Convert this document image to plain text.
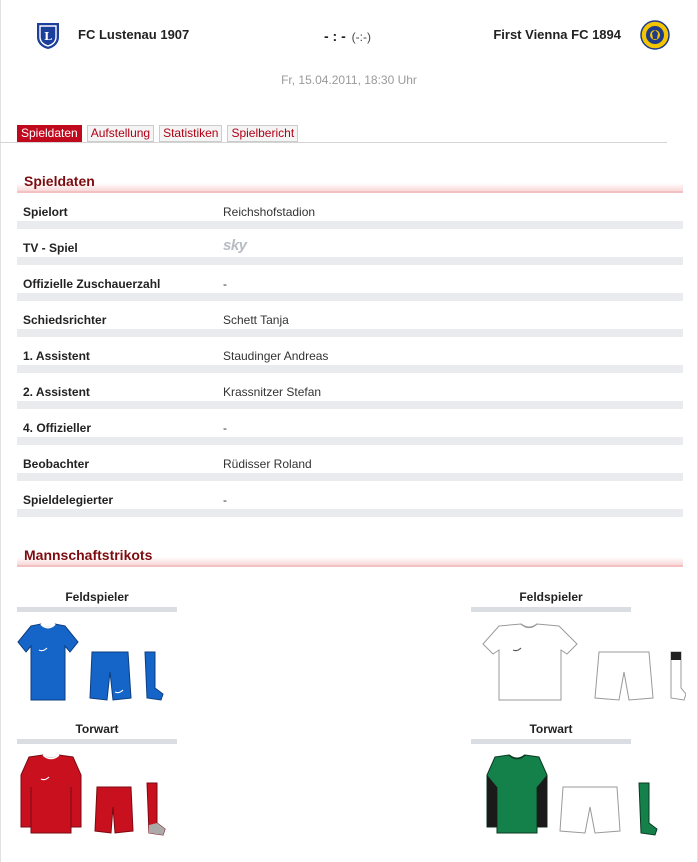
L FC Lustenau 1907	- : - (-:-)	First Vienna FC 1894
Fr, 15.04.2011, 18:30 Uhr
Spieldaten	Aufstellung	Statistiken	Spielbericht
Spieldaten
Spielort	Reichshofstadion
TV - Spiel	sky
Offizielle Zuschauerzahl	-
Schiedsrichter	Schett Tanja
1. Assistent	Staudinger Andreas
2. Assistent	Krassnitzer Stefan
4. Offizieller	-
Beobachter	Rüdisser Roland
Spieldelegierter	-
Mannschaftstrikots
Feldspieler	Feldspieler
Torwart	Torwart
